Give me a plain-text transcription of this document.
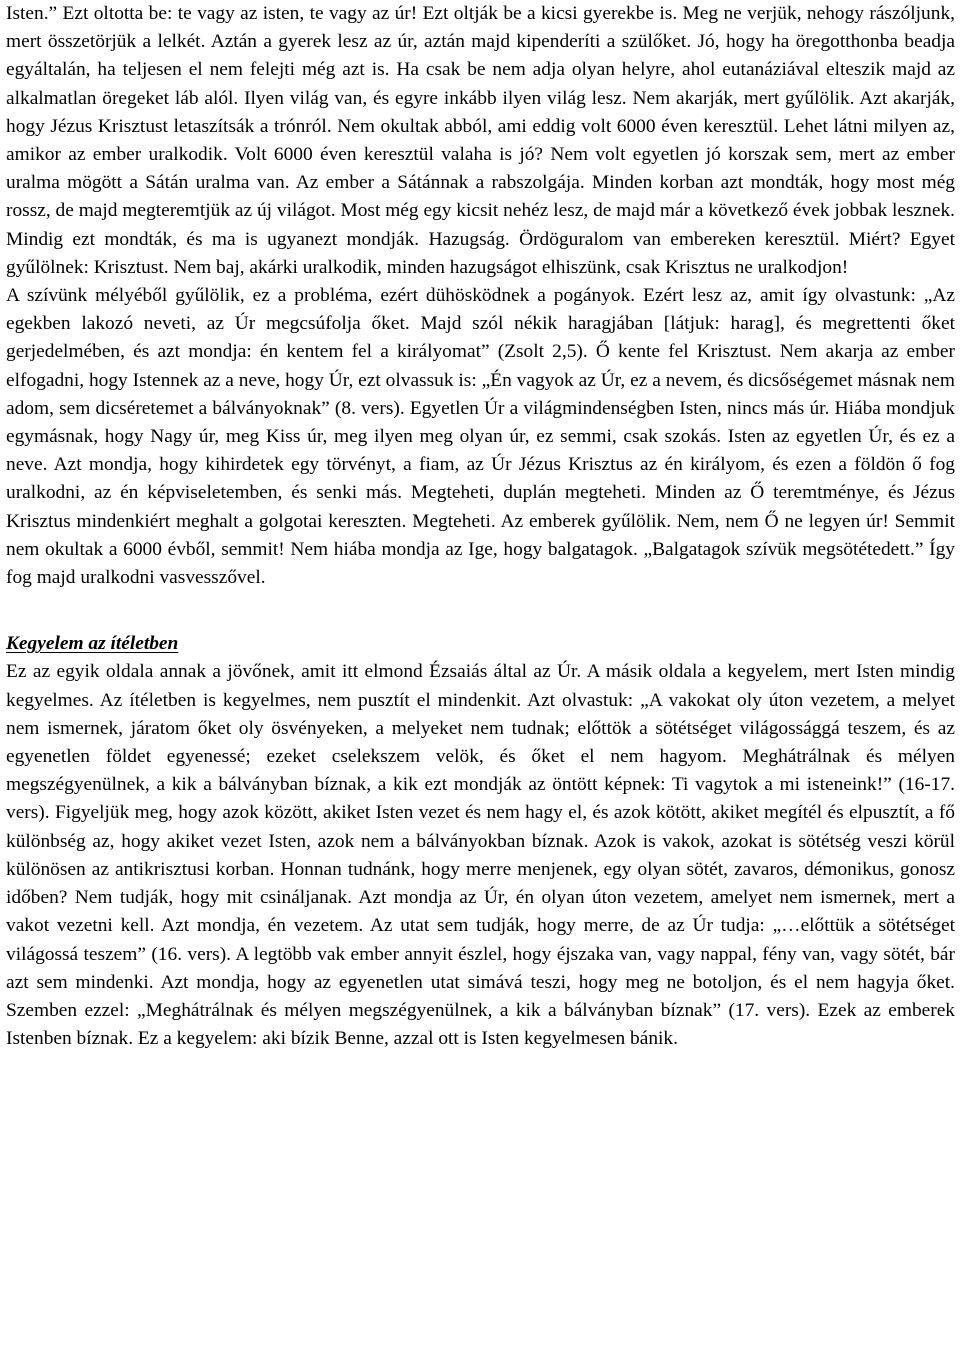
Isten.” Ezt oltotta be: te vagy az isten, te vagy az úr! Ezt oltják be a kicsi gyerekbe is. Meg ne verjük, nehogy rászóljunk, mert összetörjük a lelkét. Aztán a gyerek lesz az úr, aztán majd kipenderíti a szülőket. Jó, hogy ha öregotthonba beadja egyáltalán, ha teljesen el nem felejti még azt is. Ha csak be nem adja olyan helyre, ahol eutanáziával elteszik majd az alkalmatlan öregeket láb alól. Ilyen világ van, és egyre inkább ilyen világ lesz. Nem akarják, mert gyűlölik. Azt akarják, hogy Jézus Krisztust letaszítsák a trónról. Nem okultak abból, ami eddig volt 6000 éven keresztül. Lehet látni milyen az, amikor az ember uralkodik. Volt 6000 éven keresztül valaha is jó? Nem volt egyetlen jó korszak sem, mert az ember uralma mögött a Sátán uralma van. Az ember a Sátánnak a rabszolgája. Minden korban azt mondták, hogy most még rossz, de majd megteremtjük az új világot. Most még egy kicsit nehéz lesz, de majd már a következő évek jobbak lesznek. Mindig ezt mondták, és ma is ugyanezt mondják. Hazugság. Ördöguralom van embereken keresztül. Miért? Egyet gyűlölnek: Krisztust. Nem baj, akárki uralkodik, minden hazugságot elhiszünk, csak Krisztus ne uralkodjon!

A szívünk mélyéből gyűlölik, ez a probléma, ezért dühösködnek a pogányok. Ezért lesz az, amit így olvastunk: „Az egekben lakozó neveti, az Úr megcsúfolja őket. Majd szól nékik haragjában [látjuk: harag], és megrettenti őket gerjedelmében, és azt mondja: én kentem fel a királyomat” (Zsolt 2,5). Ő kente fel Krisztust. Nem akarja az ember elfogadni, hogy Istennek az a neve, hogy Úr, ezt olvassuk is: „Én vagyok az Úr, ez a nevem, és dicsőségemet másnak nem adom, sem dicséretemet a bálványoknak” (8. vers). Egyetlen Úr a világmindenségben Isten, nincs más úr. Hiába mondjuk egymásnak, hogy Nagy úr, meg Kiss úr, meg ilyen meg olyan úr, ez semmi, csak szokás. Isten az egyetlen Úr, és ez a neve. Azt mondja, hogy kihirdetek egy törvényt, a fiam, az Úr Jézus Krisztus az én királyom, és ezen a földön ő fog uralkodni, az én képviseletemben, és senki más. Megteheti, duplán megteheti. Minden az Ő teremtménye, és Jézus Krisztus mindenkiért meghalt a golgotai kereszten. Megteheti. Az emberek gyűlölik. Nem, nem Ő ne legyen úr! Semmit nem okultak a 6000 évből, semmit! Nem hiába mondja az Ige, hogy balgatagok. „Balgatagok szívük megsötétedett.” Így fog majd uralkodni vasvesszővel.

Kegyelem az ítéletben

Ez az egyik oldala annak a jövőnek, amit itt elmond Ézsaiás által az Úr. A másik oldala a kegyelem, mert Isten mindig kegyelmes. Az ítéletben is kegyelmes, nem pusztít el mindenkit. Azt olvastuk: „A vakokat oly úton vezetem, a melyet nem ismernek, járatom őket oly ösvényeken, a melyeket nem tudnak; előttök a sötétséget világossággá teszem, és az egyenetlen földet egyenessé; ezeket cselekszem velök, és őket el nem hagyom. Meghátrálnak és mélyen megszégyenülnek, a kik a bálványban bíznak, a kik ezt mondják az öntött képnek: Ti vagytok a mi isteneink!” (16-17. vers). Figyeljük meg, hogy azok között, akiket Isten vezet és nem hagy el, és azok kötött, akiket megítél és elpusztít, a fő különbség az, hogy akiket vezet Isten, azok nem a bálványokban bíznak. Azok is vakok, azokat is sötétség veszi körül különösen az antikrisztusi korban. Honnan tudnánk, hogy merre menjenek, egy olyan sötét, zavaros, démonikus, gonosz időben? Nem tudják, hogy mit csináljanak. Azt mondja az Úr, én olyan úton vezetem, amelyet nem ismernek, mert a vakot vezetni kell. Azt mondja, én vezetem. Az utat sem tudják, hogy merre, de az Úr tudja: „…előttük a sötétséget világossá teszem” (16. vers). A legtöbb vak ember annyit észlel, hogy éjszaka van, vagy nappal, fény van, vagy sötét, bár azt sem mindenki. Azt mondja, hogy az egyenetlen utat simává teszi, hogy meg ne botoljon, és el nem hagyja őket. Szemben ezzel: „Meghátrálnak és mélyen megszégyenülnek, a kik a bálványban bíznak” (17. vers). Ezek az emberek Istenben bíznak. Ez a kegyelem: aki bízik Benne, azzal ott is Isten kegyelmesen bánik.
